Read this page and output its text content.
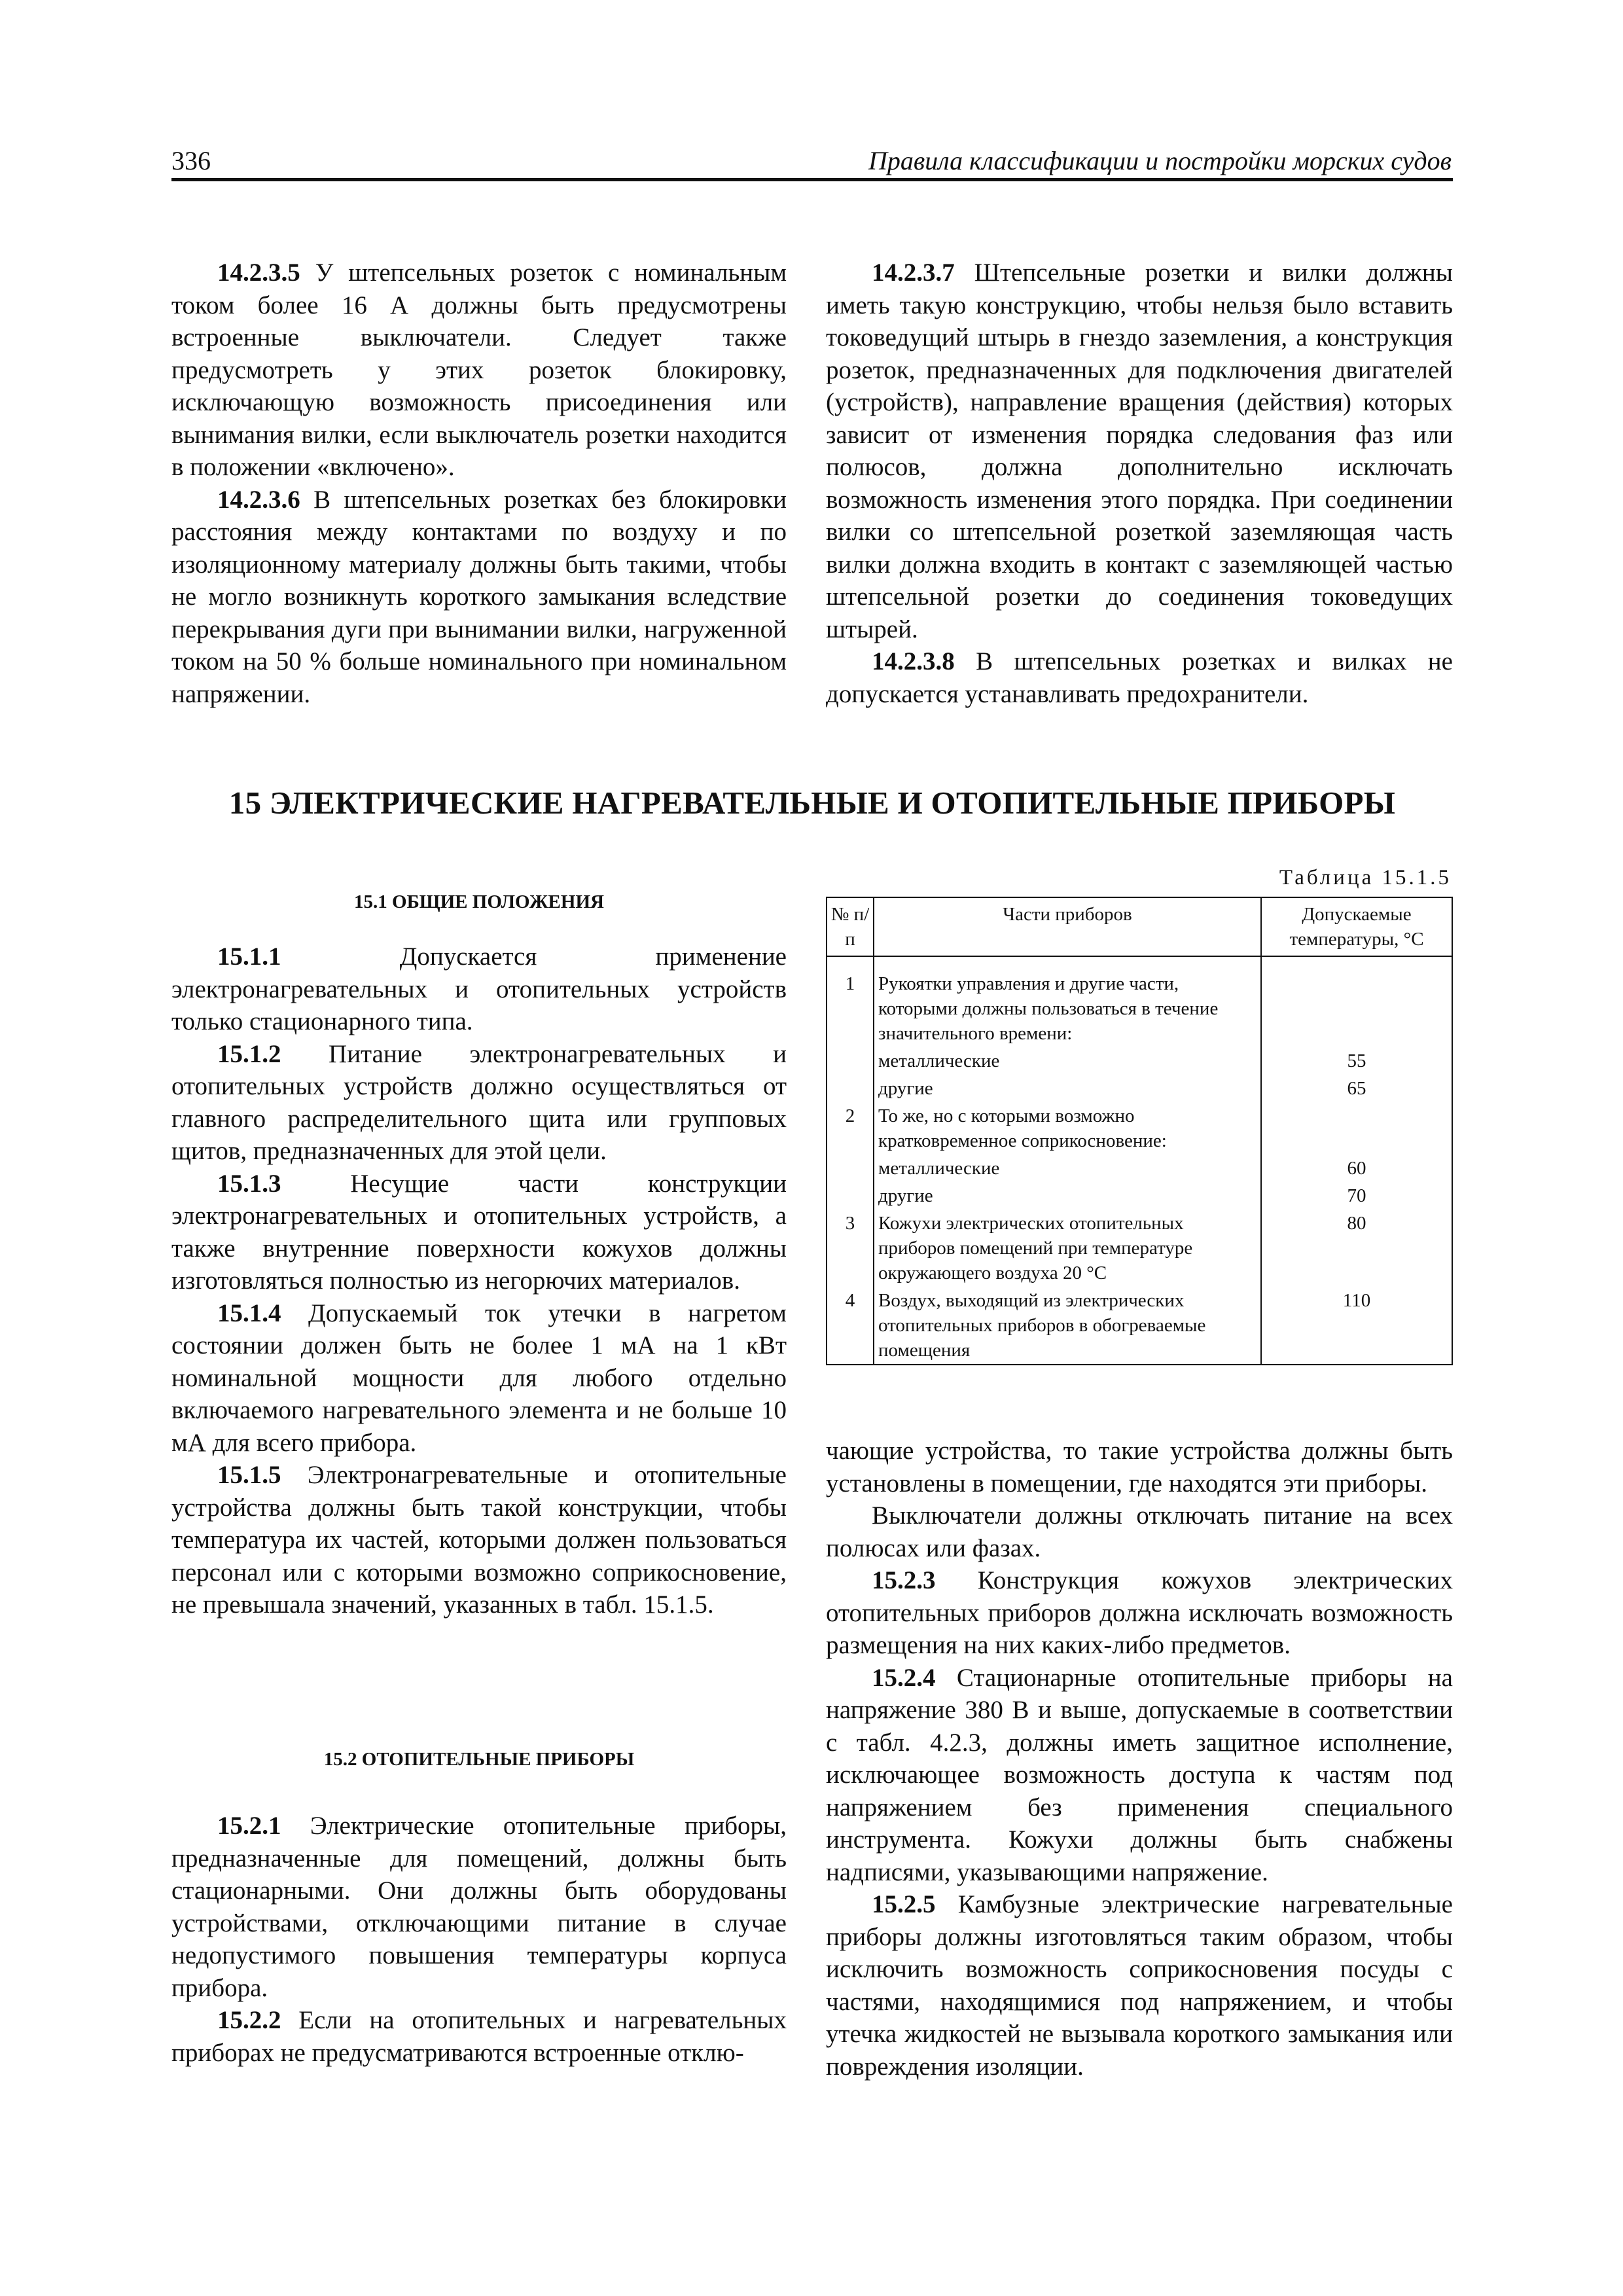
336	Правила классификации и постройки морских судов

14.2.3.5 У штепсельных розеток с номинальным током более 16 А должны быть предусмотрены встроенные выключатели. Следует также предусмотреть у этих розеток блокировку, исключающую возможность присоединения или вынимания вилки, если выключатель розетки находится в положении «включено».

14.2.3.6 В штепсельных розетках без блокировки расстояния между контактами по воздуху и по изоляционному материалу должны быть такими, чтобы не могло возникнуть короткого замыкания вследствие перекрывания дуги при вынимании вилки, нагруженной током на 50 % больше номинального при номинальном напряжении.

14.2.3.7 Штепсельные розетки и вилки должны иметь такую конструкцию, чтобы нельзя было вставить токоведущий штырь в гнездо заземления, а конструкция розеток, предназначенных для подключения двигателей (устройств), направление вращения (действия) которых зависит от изменения порядка следования фаз или полюсов, должна дополнительно исключать возможность изменения этого порядка. При соединении вилки со штепсельной розеткой заземляющая часть вилки должна входить в контакт с заземляющей частью штепсельной розетки до соединения токоведущих штырей.

14.2.3.8 В штепсельных розетках и вилках не допускается устанавливать предохранители.

15 ЭЛЕКТРИЧЕСКИЕ НАГРЕВАТЕЛЬНЫЕ И ОТОПИТЕЛЬНЫЕ ПРИБОРЫ
15.1 ОБЩИЕ ПОЛОЖЕНИЯ

15.1.1 Допускается применение электронагревательных и отопительных устройств только стационарного типа.

15.1.2 Питание электронагревательных и отопительных устройств должно осуществляться от главного распределительного щита или групповых щитов, предназначенных для этой цели.

15.1.3 Несущие части конструкции электронагревательных и отопительных устройств, а также внутренние поверхности кожухов должны изготовляться полностью из негорючих материалов.

15.1.4 Допускаемый ток утечки в нагретом состоянии должен быть не более 1 мА на 1 кВт номинальной мощности для любого отдельно включаемого нагревательного элемента и не больше 10 мА для всего прибора.

15.1.5 Электронагревательные и отопительные устройства должны быть такой конструкции, чтобы температура их частей, которыми должен пользоваться персонал или с которыми возможно соприкосновение, не превышала значений, указанных в табл. 15.1.5.

15.2 ОТОПИТЕЛЬНЫЕ ПРИБОРЫ

15.2.1 Электрические отопительные приборы, предназначенные для помещений, должны быть стационарными. Они должны быть оборудованы устройствами, отключающими питание в случае недопустимого повышения температуры корпуса прибора.

15.2.2 Если на отопительных и нагревательных приборах не предусматриваются встроенные отклю-

Таблица 15.1.5
№ п/п	Части приборов	Допускаемые температуры, °С
1	Рукоятки управления и другие части, которыми должны пользоваться в течение значительного времени:	
	металлические	55
	другие	65
2	То же, но с которыми возможно кратковременное соприкосновение:	
	металлические	60
	другие	70
3	Кожухи электрических отопительных приборов помещений при температуре окружающего воздуха 20 °С	80
4	Воздух, выходящий из электрических отопительных приборов в обогреваемые помещения	110

чающие устройства, то такие устройства должны быть установлены в помещении, где находятся эти приборы.

Выключатели должны отключать питание на всех полюсах или фазах.

15.2.3 Конструкция кожухов электрических отопительных приборов должна исключать возможность размещения на них каких-либо предметов.

15.2.4 Стационарные отопительные приборы на напряжение 380 В и выше, допускаемые в соответствии с табл. 4.2.3, должны иметь защитное исполнение, исключающее возможность доступа к частям под напряжением без применения специального инструмента. Кожухи должны быть снабжены надписями, указывающими напряжение.

15.2.5 Камбузные электрические нагревательные приборы должны изготовляться таким образом, чтобы исключить возможность соприкосновения посуды с частями, находящимися под напряжением, и чтобы утечка жидкостей не вызывала короткого замыкания или повреждения изоляции.
